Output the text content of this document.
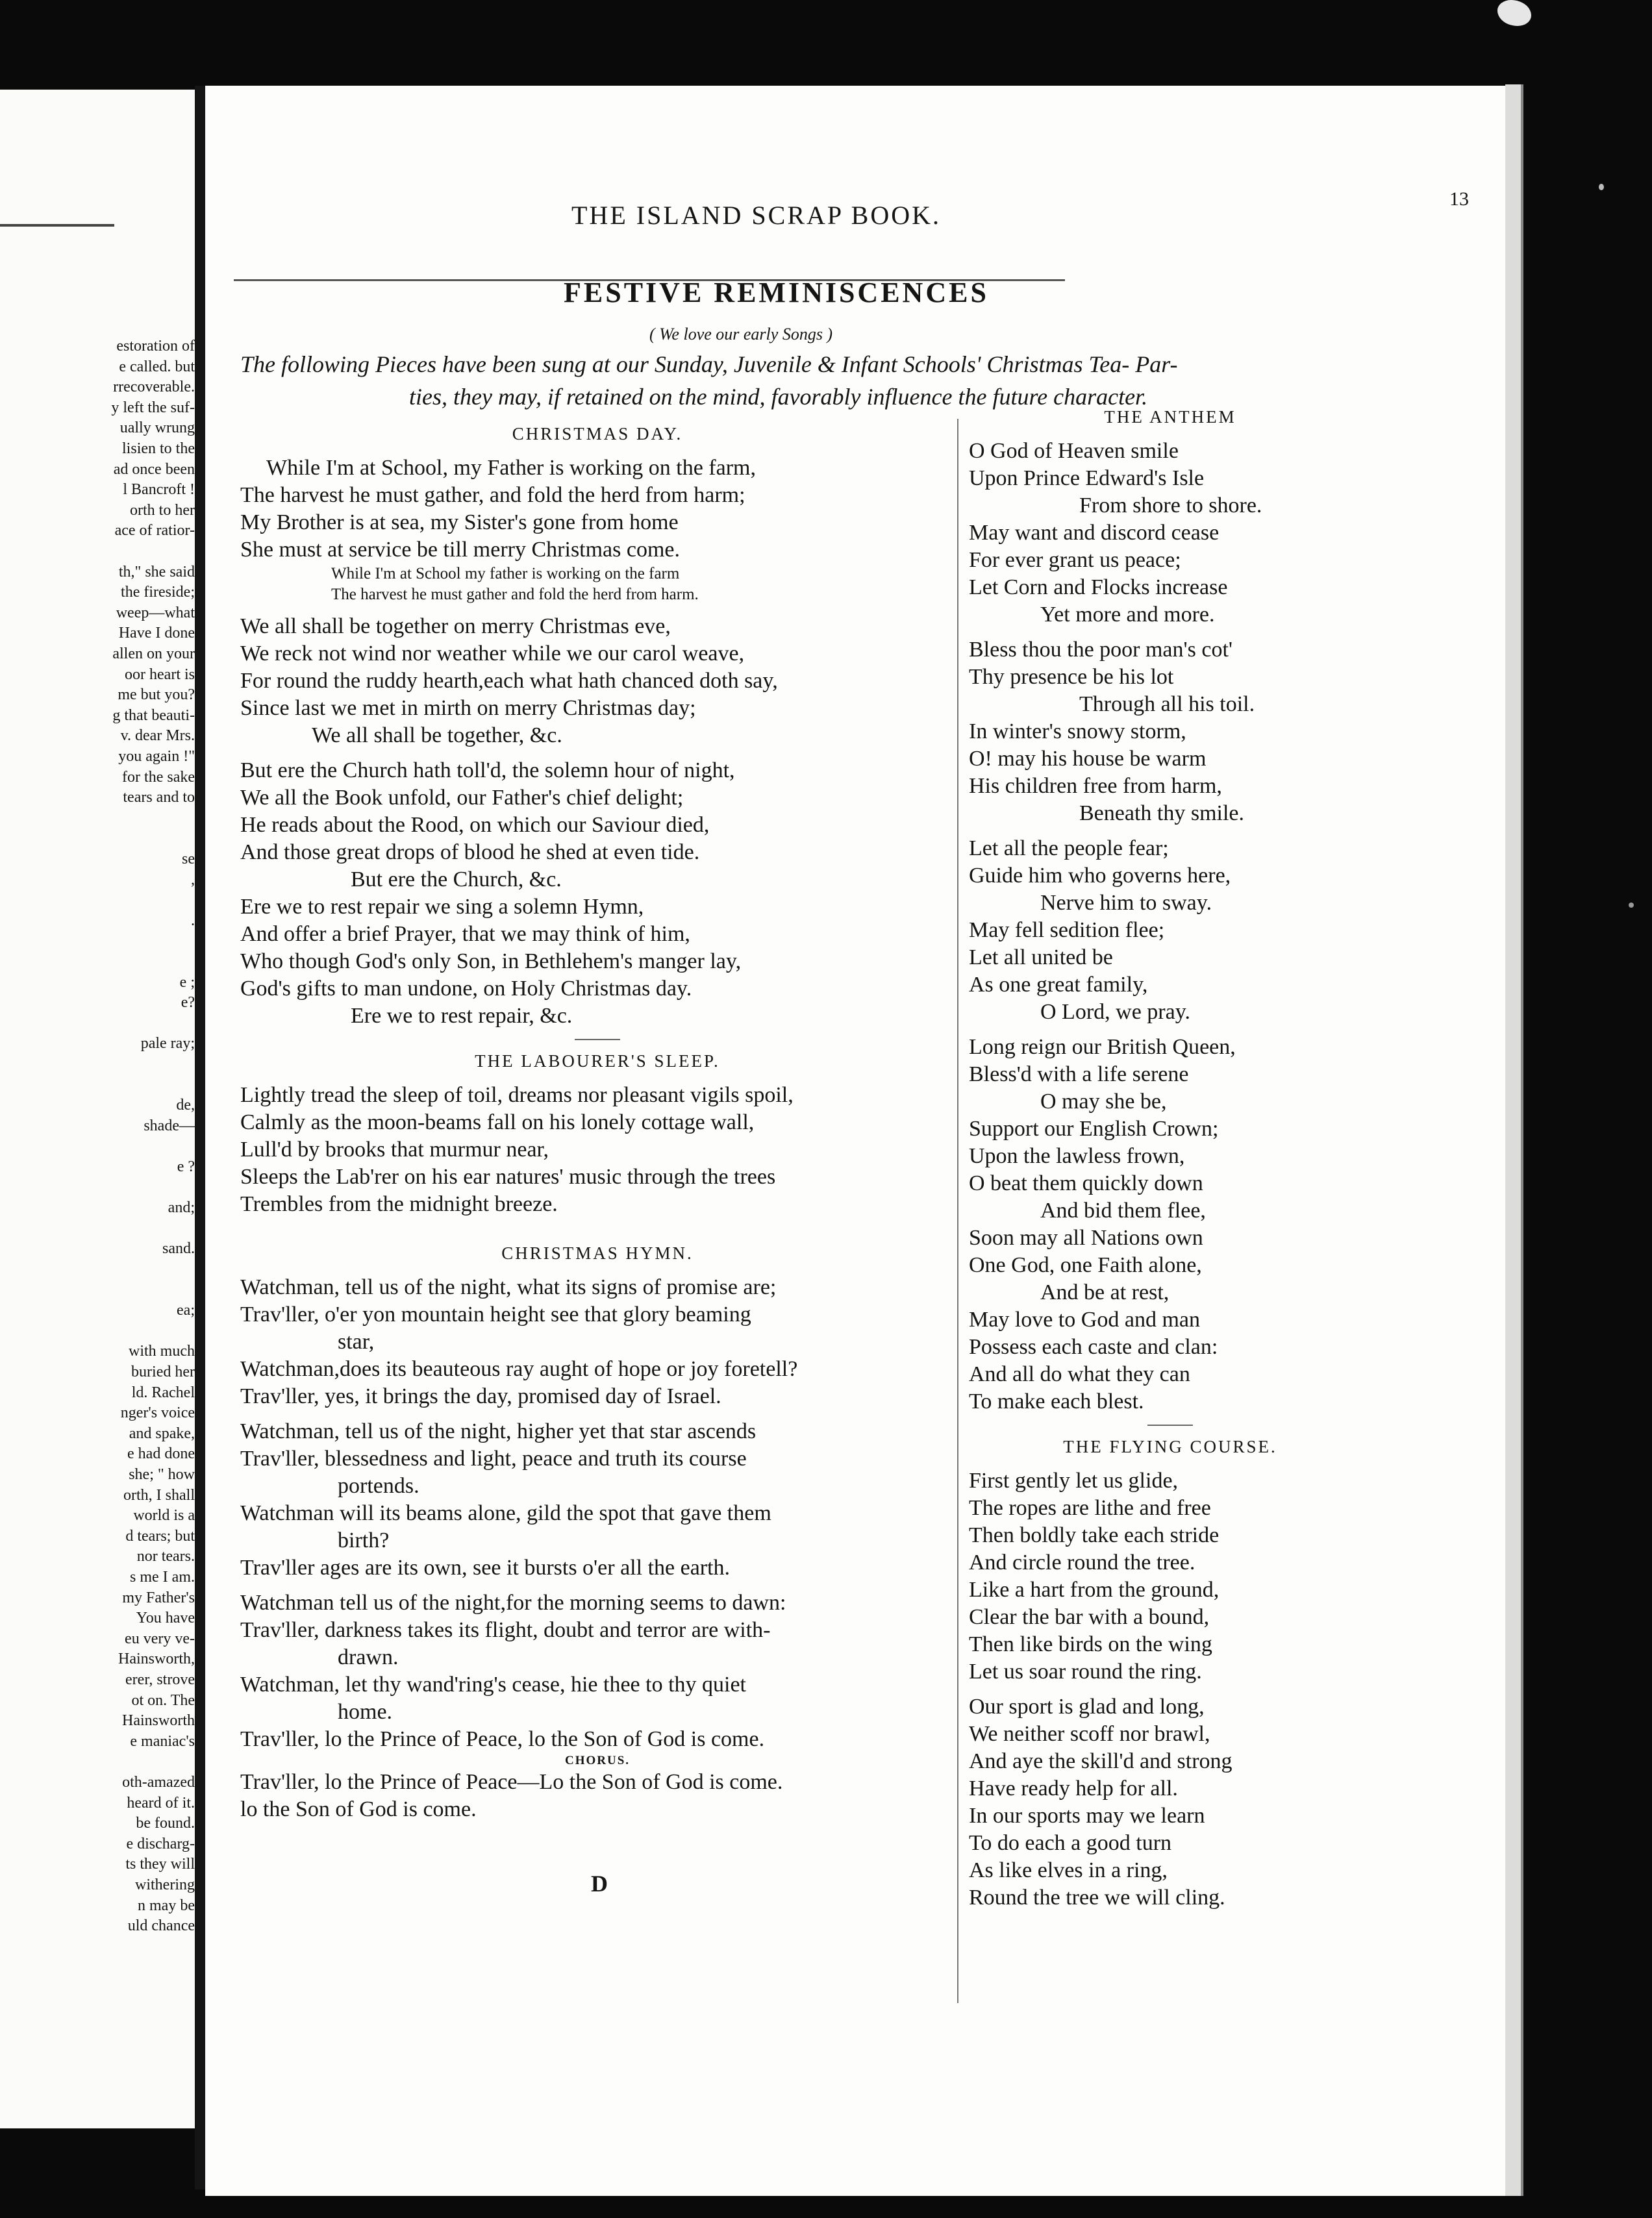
estoration of
e called. but
rrecoverable.
y left the suf-
ually wrung
lisien to the
ad once been
l Bancroft !
orth to her
ace of ratior-
th," she said
the fireside;
weep—what
Have I done
allen on your
oor heart is
me but you?
g that beauti-
v. dear Mrs.
you again !"
for the sake
tears and to
se
,
.
e ;
e?
pale ray;
de,
shade—
e ?
and;
sand.
ea;
with much
buried her
ld. Rachel
nger's voice
and spake,
e had done
she; " how
orth, I shall
world is a
d tears; but
nor tears.
s me I am.
my Father's
You have
eu very ve-
Hainsworth,
erer, strove
ot on. The
Hainsworth
e maniac's
oth-amazed
heard of it.
be found.
e discharg-
ts they will
withering
n may be
uld chance
THE ISLAND SCRAP BOOK.
13
FESTIVE REMINISCENCES
( We love our early Songs )
The following Pieces have been sung at our Sunday, Juvenile & Infant Schools' Christmas Tea- Par-
ties, they may, if retained on the mind, favorably influence the future character.
CHRISTMAS DAY.
While I'm at School, my Father is working on the farm,
The harvest he must gather, and fold the herd from harm;
My Brother is at sea, my Sister's gone from home
She must at service be till merry Christmas come.
While I'm at School my father is working on the farm
The harvest he must gather and fold the herd from harm.
We all shall be together on merry Christmas eve,
We reck not wind nor weather while we our carol weave,
For round the ruddy hearth,each what hath chanced doth say,
Since last we met in mirth on merry Christmas day;
We all shall be together, &c.
But ere the Church hath toll'd, the solemn hour of night,
We all the Book unfold, our Father's chief delight;
He reads about the Rood, on which our Saviour died,
And those great drops of blood he shed at even tide.
But ere the Church, &c.
Ere we to rest repair we sing a solemn Hymn,
And offer a brief Prayer, that we may think of him,
Who though God's only Son, in Bethlehem's manger lay,
God's gifts to man undone, on Holy Christmas day.
Ere we to rest repair, &c.
THE LABOURER'S SLEEP.
Lightly tread the sleep of toil, dreams nor pleasant vigils spoil,
Calmly as the moon-beams fall on his lonely cottage wall,
Lull'd by brooks that murmur near,
Sleeps the Lab'rer on his ear natures' music through the trees
Trembles from the midnight breeze.
CHRISTMAS HYMN.
Watchman, tell us of the night, what its signs of promise are;
Trav'ller, o'er yon mountain height see that glory beaming
star,
Watchman,does its beauteous ray aught of hope or joy foretell?
Trav'ller, yes, it brings the day, promised day of Israel.
Watchman, tell us of the night, higher yet that star ascends
Trav'ller, blessedness and light, peace and truth its course
portends.
Watchman will its beams alone, gild the spot that gave them
birth?
Trav'ller ages are its own, see it bursts o'er all the earth.
Watchman tell us of the night,for the morning seems to dawn:
Trav'ller, darkness takes its flight, doubt and terror are with-
drawn.
Watchman, let thy wand'ring's cease, hie thee to thy quiet
home.
Trav'ller, lo the Prince of Peace, lo the Son of God is come.
CHORUS.
Trav'ller, lo the Prince of Peace—Lo the Son of God is come.
lo the Son of God is come.
D
THE ANTHEM
O God of Heaven smile
Upon Prince Edward's Isle
From shore to shore.
May want and discord cease
For ever grant us peace;
Let Corn and Flocks increase
Yet more and more.
Bless thou the poor man's cot'
Thy presence be his lot
Through all his toil.
In winter's snowy storm,
O! may his house be warm
His children free from harm,
Beneath thy smile.
Let all the people fear;
Guide him who governs here,
Nerve him to sway.
May fell sedition flee;
Let all united be
As one great family,
O Lord, we pray.
Long reign our British Queen,
Bless'd with a life serene
O may she be,
Support our English Crown;
Upon the lawless frown,
O beat them quickly down
And bid them flee,
Soon may all Nations own
One God, one Faith alone,
And be at rest,
May love to God and man
Possess each caste and clan:
And all do what they can
To make each blest.
THE FLYING COURSE.
First gently let us glide,
The ropes are lithe and free
Then boldly take each stride
And circle round the tree.
Like a hart from the ground,
Clear the bar with a bound,
Then like birds on the wing
Let us soar round the ring.
Our sport is glad and long,
We neither scoff nor brawl,
And aye the skill'd and strong
Have ready help for all.
In our sports may we learn
To do each a good turn
As like elves in a ring,
Round the tree we will cling.
